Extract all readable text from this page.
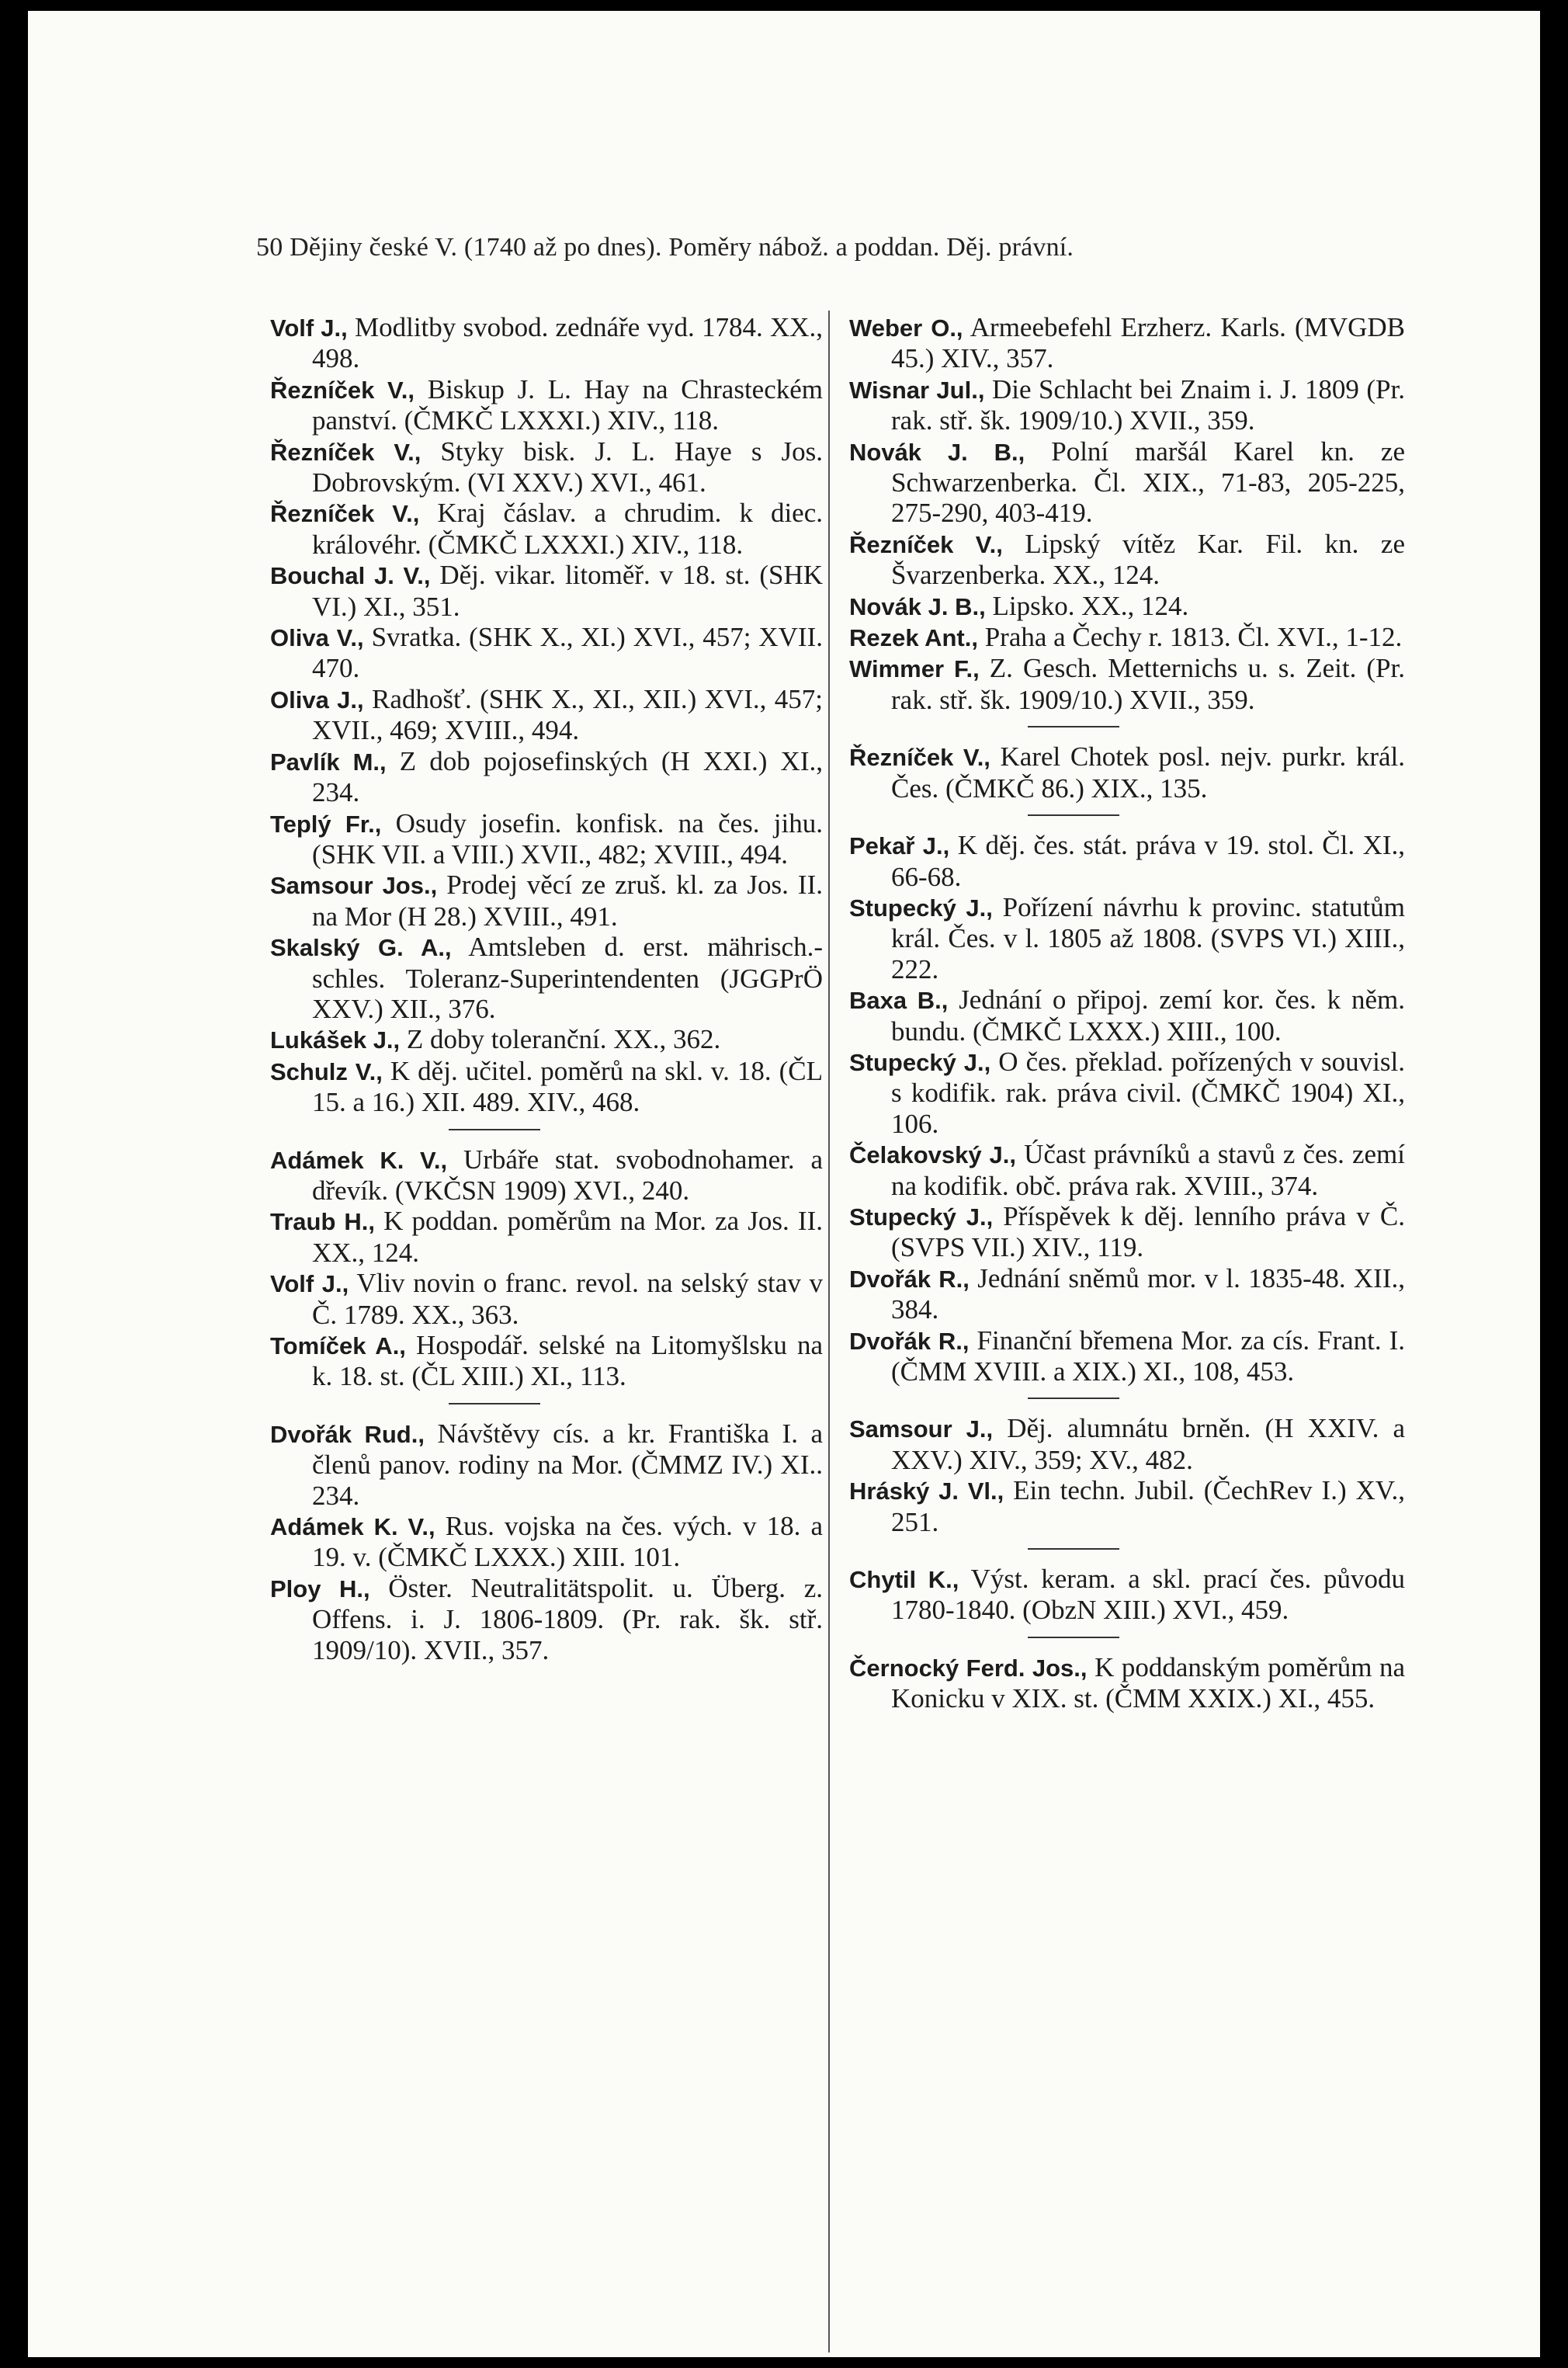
50 Dějiny české V. (1740 až po dnes). Poměry nábož. a poddan. Děj. právní.

Volf J., Modlitby svobod. zednáře vyd. 1784. XX., 498.

Řezníček V., Biskup J. L. Hay na Chrasteckém panství. (ČMKČ LXXXI.) XIV., 118.

Řezníček V., Styky bisk. J. L. Haye s Jos. Dobrovským. (VI XXV.) XVI., 461.

Řezníček V., Kraj čáslav. a chrudim. k diec. královéhr. (ČMKČ LXXXI.) XIV., 118.

Bouchal J. V., Děj. vikar. litoměř. v 18. st. (SHK VI.) XI., 351.

Oliva V., Svratka. (SHK X., XI.) XVI., 457; XVII. 470.

Oliva J., Radhošť. (SHK X., XI., XII.) XVI., 457; XVII., 469; XVIII., 494.

Pavlík M., Z dob pojosefinských (H XXI.) XI., 234.

Teplý Fr., Osudy josefin. konfisk. na čes. jihu. (SHK VII. a VIII.) XVII., 482; XVIII., 494.

Samsour Jos., Prodej věcí ze zruš. kl. za Jos. II. na Mor (H 28.) XVIII., 491.

Skalský G. A., Amtsleben d. erst. mährisch.-schles. Toleranz-Superintendenten (JGGPrÖ XXV.) XII., 376.

Lukášek J., Z doby toleranční. XX., 362.

Schulz V., K děj. učitel. poměrů na skl. v. 18. (ČL 15. a 16.) XII. 489. XIV., 468.

Adámek K. V., Urbáře stat. svobodnohamer. a dřevík. (VKČSN 1909) XVI., 240.

Traub H., K poddan. poměrům na Mor. za Jos. II. XX., 124.

Volf J., Vliv novin o franc. revol. na selský stav v Č. 1789. XX., 363.

Tomíček A., Hospodář. selské na Litomyšlsku na k. 18. st. (ČL XIII.) XI., 113.

Dvořák Rud., Návštěvy cís. a kr. Františka I. a členů panov. rodiny na Mor. (ČMMZ IV.) XI.. 234.

Adámek K. V., Rus. vojska na čes. vých. v 18. a 19. v. (ČMKČ LXXX.) XIII. 101.

Ploy H., Öster. Neutralitätspolit. u. Überg. z. Offens. i. J. 1806-1809. (Pr. rak. šk. stř. 1909/10). XVII., 357.

Weber O., Armeebefehl Erzherz. Karls. (MVGDB 45.) XIV., 357.

Wisnar Jul., Die Schlacht bei Znaim i. J. 1809 (Pr. rak. stř. šk. 1909/10.) XVII., 359.

Novák J. B., Polní maršál Karel kn. ze Schwarzenberka. Čl. XIX., 71-83, 205-225, 275-290, 403-419.

Řezníček V., Lipský vítěz Kar. Fil. kn. ze Švarzenberka. XX., 124.

Novák J. B., Lipsko. XX., 124.

Rezek Ant., Praha a Čechy r. 1813. Čl. XVI., 1-12.

Wimmer F., Z. Gesch. Metternichs u. s. Zeit. (Pr. rak. stř. šk. 1909/10.) XVII., 359.

Řezníček V., Karel Chotek posl. nejv. purkr. král. Čes. (ČMKČ 86.) XIX., 135.

Pekař J., K děj. čes. stát. práva v 19. stol. Čl. XI., 66-68.

Stupecký J., Pořízení návrhu k provinc. statutům král. Čes. v l. 1805 až 1808. (SVPS VI.) XIII., 222.

Baxa B., Jednání o připoj. zemí kor. čes. k něm. bundu. (ČMKČ LXXX.) XIII., 100.

Stupecký J., O čes. překlad. pořízených v souvisl. s kodifik. rak. práva civil. (ČMKČ 1904) XI., 106.

Čelakovský J., Účast právníků a stavů z čes. zemí na kodifik. obč. práva rak. XVIII., 374.

Stupecký J., Příspěvek k děj. lenního práva v Č. (SVPS VII.) XIV., 119.

Dvořák R., Jednání sněmů mor. v l. 1835-48. XII., 384.

Dvořák R., Finanční břemena Mor. za cís. Frant. I. (ČMM XVIII. a XIX.) XI., 108, 453.

Samsour J., Děj. alumnátu brněn. (H XXIV. a XXV.) XIV., 359; XV., 482.

Hráský J. Vl., Ein techn. Jubil. (ČechRev I.) XV., 251.

Chytil K., Výst. keram. a skl. prací čes. původu 1780-1840. (ObzN XIII.) XVI., 459.

Černocký Ferd. Jos., K poddanským poměrům na Konicku v XIX. st. (ČMM XXIX.) XI., 455.
